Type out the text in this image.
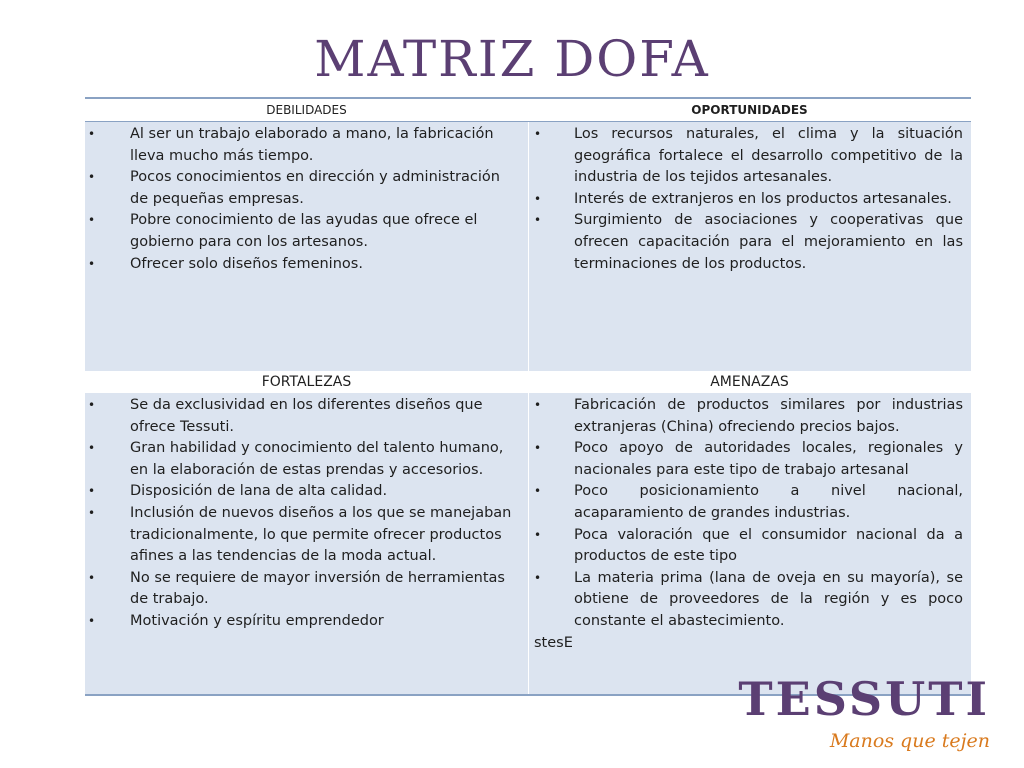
MATRIZ DOFA
DEBILIDADES	OPORTUNIDADES
• Al ser un trabajo elaborado a mano, la fabricación lleva mucho más tiempo.
• Pocos conocimientos en dirección y administración de pequeñas empresas.
• Pobre conocimiento de las ayudas que ofrece el gobierno para con los artesanos.
• Ofrecer solo diseños femeninos.
• Los recursos naturales, el clima y la situación geográfica fortalece el desarrollo competitivo de la industria de los tejidos artesanales.
• Interés de extranjeros en los productos artesanales.
• Surgimiento de asociaciones y cooperativas que ofrecen capacitación para el mejoramiento en las terminaciones de los productos.
FORTALEZAS	AMENAZAS
• Se da exclusividad en los diferentes diseños que ofrece Tessuti.
• Gran habilidad y conocimiento del talento humano, en la elaboración de estas prendas y accesorios.
• Disposición de lana de alta calidad.
• Inclusión de nuevos diseños a los que se manejaban tradicionalmente, lo que permite ofrecer productos afines a las tendencias de la moda actual.
• No se requiere de mayor inversión de herramientas de trabajo.
• Motivación y espíritu emprendedor
• Fabricación de productos similares por industrias extranjeras (China) ofreciendo precios bajos.
• Poco apoyo de autoridades locales, regionales y nacionales para este tipo de trabajo artesanal
• Poco posicionamiento a nivel nacional, acaparamiento de grandes industrias.
• Poca valoración que el consumidor nacional da a productos de este tipo
• La materia prima (lana de oveja en su mayoría), se obtiene de proveedores de la región y es poco constante el abastecimiento.
stesE
TESSUTI
Manos que tejen
